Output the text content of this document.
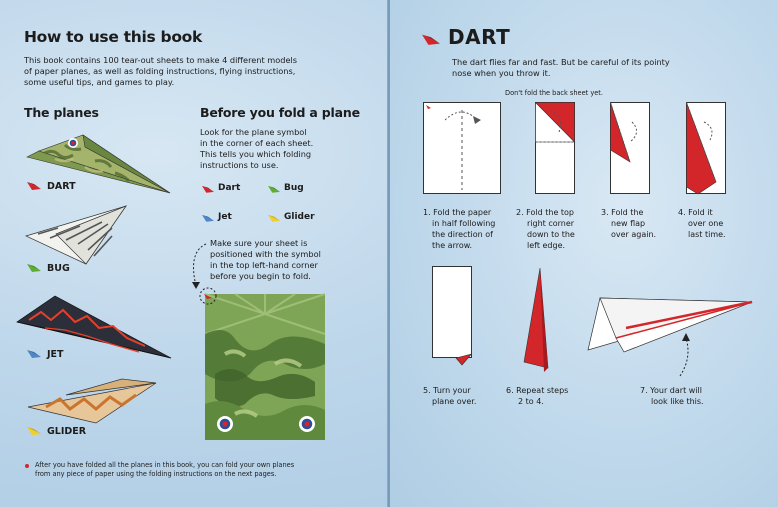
How to use this book

This book contains 100 tear-out sheets to make 4 different models

of paper planes, as well as folding instructions, flying instructions,

some useful tips, and games to play.

The planes	Before you fold a plane

DART

BUG

JET

GLIDER

Look for the plane symbol

in the corner of each sheet.

This tells you which folding

instructions to use.

Dart	Bug

Jet	Glider

Make sure your sheet is

positioned with the symbol

in the top left-hand corner

before you begin to fold.

After you have folded all the planes in this book, you can fold your own planes

from any piece of paper using the folding instructions on the next pages.

DART

The dart flies far and fast. But be careful of its pointy

nose when you throw it.

Don't fold the back sheet yet.

1. Fold the paper

in half following

the direction of

the arrow.

2. Fold the top

right corner

down to the

left edge.

3. Fold the

new flap

over again.

4. Fold it

over one

last time.

5. Turn your

plane over.

6. Repeat steps

2 to 4.

7. Your dart will

look like this.
